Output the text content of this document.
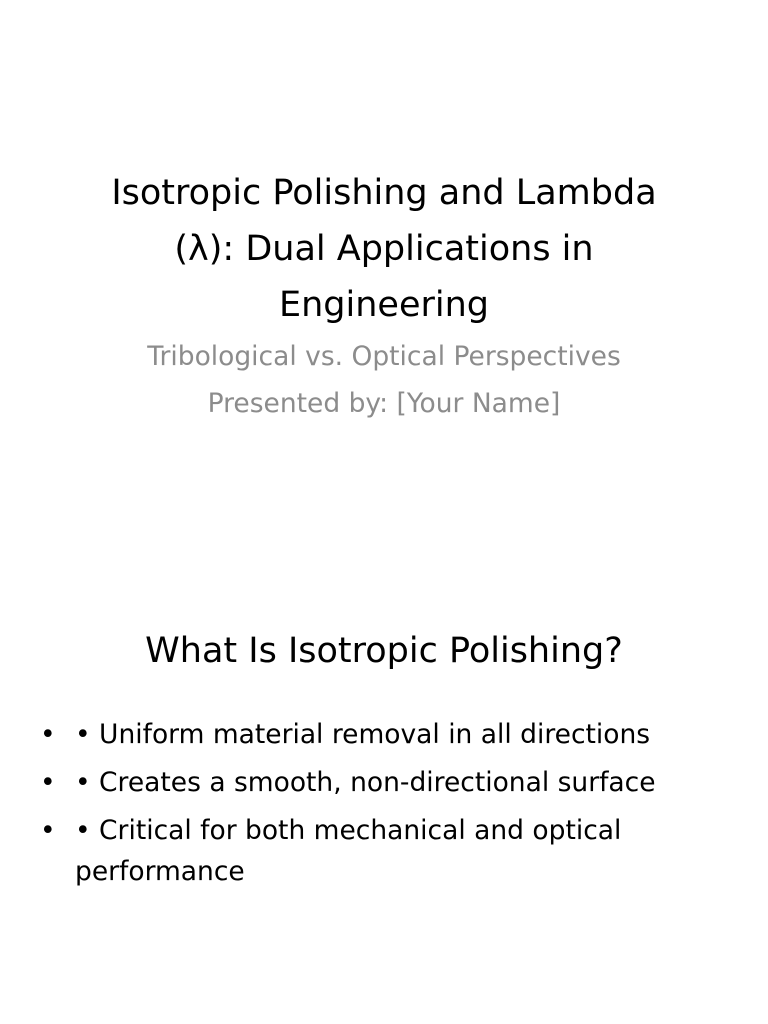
Isotropic Polishing and Lambda
(λ): Dual Applications in
Engineering
Tribological vs. Optical Perspectives
Presented by: [Your Name]
What Is Isotropic Polishing?
• • Uniform material removal in all directions
• • Creates a smooth, non-directional surface
• • Critical for both mechanical and optical performance
